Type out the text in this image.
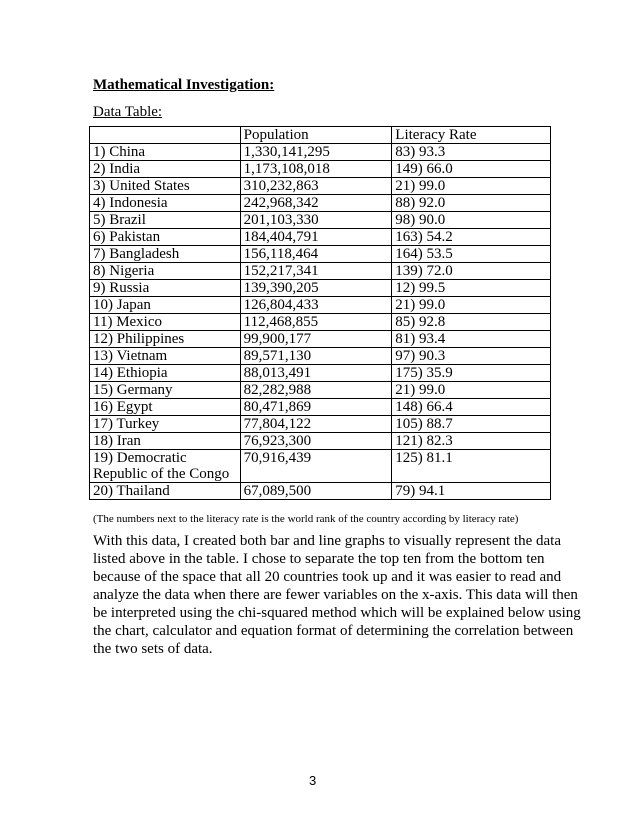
Mathematical Investigation:
Data Table:
	Population	Literacy Rate
1) China	1,330,141,295	83) 93.3
2) India	1,173,108,018	149) 66.0
3) United States	310,232,863	21) 99.0
4) Indonesia	242,968,342	88) 92.0
5) Brazil	201,103,330	98) 90.0
6) Pakistan	184,404,791	163) 54.2
7) Bangladesh	156,118,464	164) 53.5
8) Nigeria	152,217,341	139) 72.0
9) Russia	139,390,205	12) 99.5
10) Japan	126,804,433	21) 99.0
11) Mexico	112,468,855	85) 92.8
12) Philippines	99,900,177	81) 93.4
13) Vietnam	89,571,130	97) 90.3
14) Ethiopia	88,013,491	175) 35.9
15) Germany	82,282,988	21) 99.0
16) Egypt	80,471,869	148) 66.4
17) Turkey	77,804,122	105) 88.7
18) Iran	76,923,300	121) 82.3
19) Democratic Republic of the Congo	70,916,439	125) 81.1
20) Thailand	67,089,500	79) 94.1
(The numbers next to the literacy rate is the world rank of the country according by literacy rate)

With this data, I created both bar and line graphs to visually represent the data
listed above in the table. I chose to separate the top ten from the bottom ten
because of the space that all 20 countries took up and it was easier to read and
analyze the data when there are fewer variables on the x-axis. This data will then
be interpreted using the chi-squared method which will be explained below using
the chart, calculator and equation format of determining the correlation between
the two sets of data.

3
